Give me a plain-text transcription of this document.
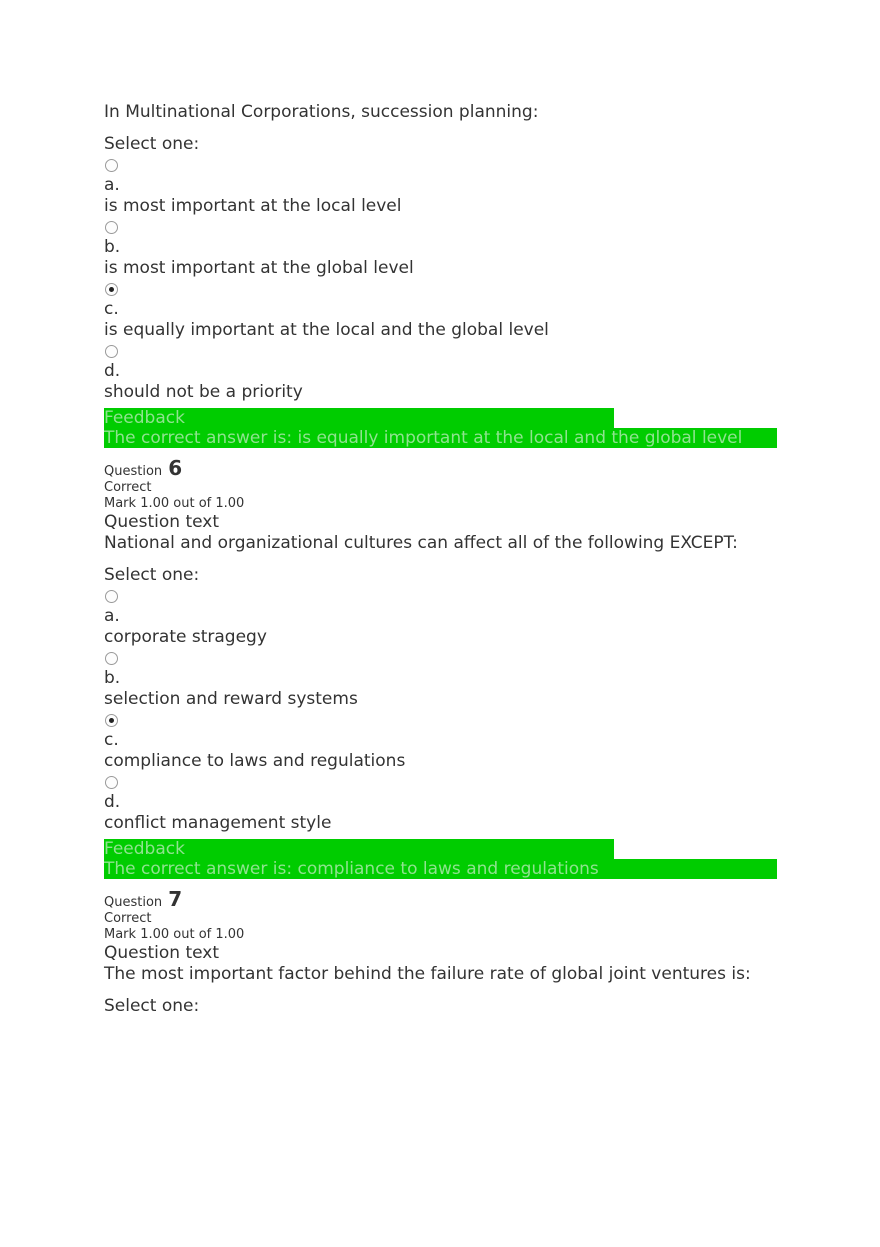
In Multinational Corporations, succession planning:

Select one:
a.
is most important at the local level
b.
is most important at the global level
c.
is equally important at the local and the global level
d.
should not be a priority
Feedback
The correct answer is: is equally important at the local and the global level
Question 6
Correct
Mark 1.00 out of 1.00
Question text

National and organizational cultures can affect all of the following EXCEPT:

Select one:
a.
corporate stragegy
b.
selection and reward systems
c.
compliance to laws and regulations
d.
conflict management style
Feedback
The correct answer is: compliance to laws and regulations
Question 7
Correct
Mark 1.00 out of 1.00
Question text

The most important factor behind the failure rate of global joint ventures is:

Select one:
